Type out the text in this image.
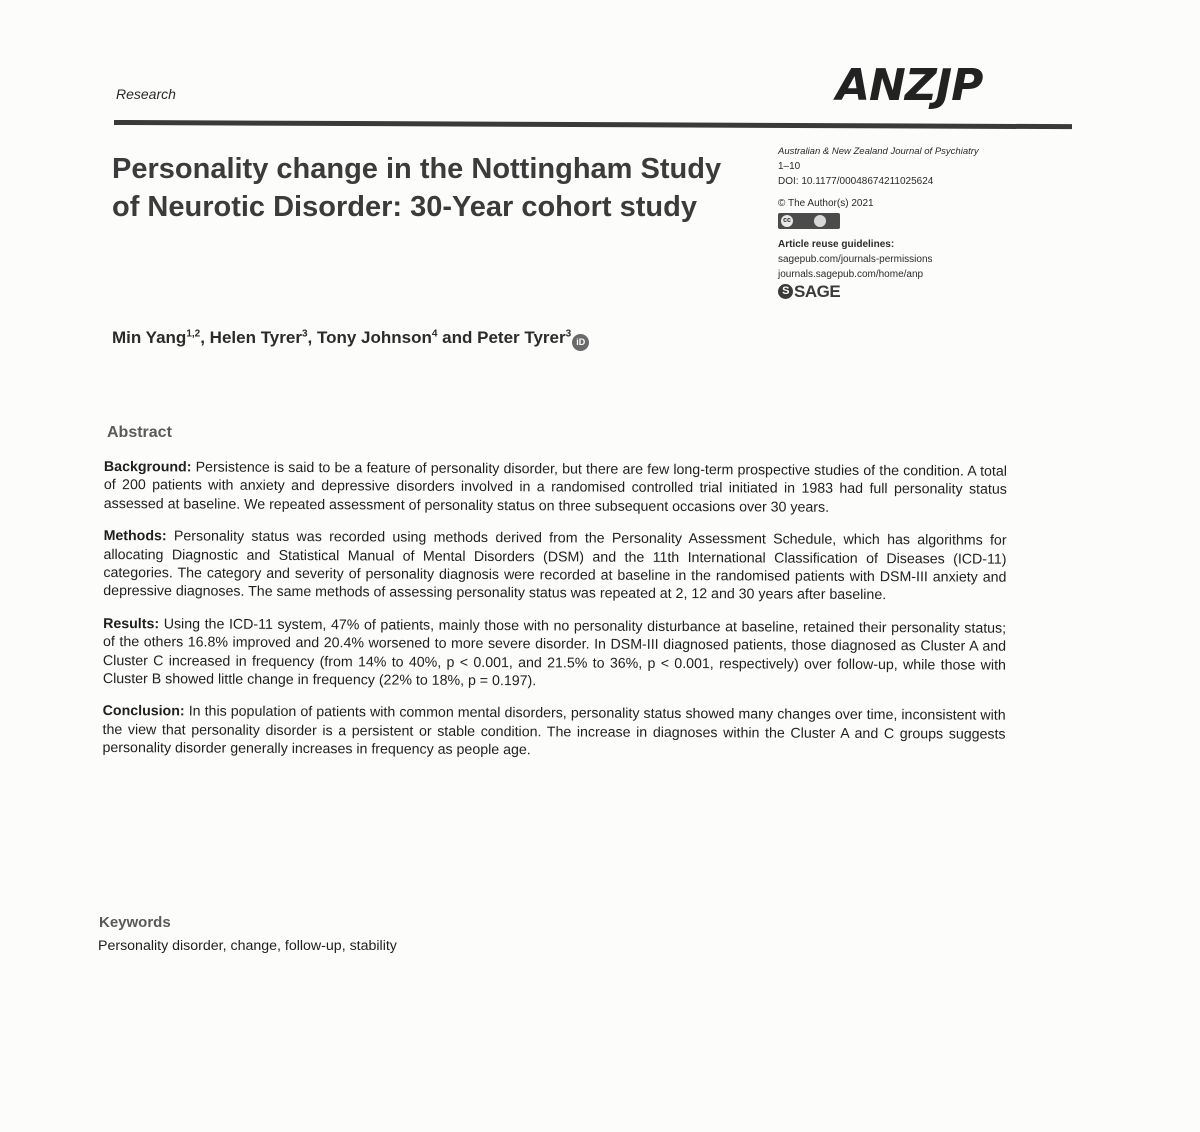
Research	ANZJP
Personality change in the Nottingham Study of Neurotic Disorder: 30-Year cohort study
Australian & New Zealand Journal of Psychiatry
1–10
DOI: 10.1177/00048674211025624
© The Author(s) 2021
cc
Article reuse guidelines:
sagepub.com/journals-permissions
journals.sagepub.com/home/anp
S SAGE
Min Yang$^{1,2}$, Helen Tyrer$^3$, Tony Johnson$^4$ and Peter Tyrer$^3$iD
Abstract

Background: Persistence is said to be a feature of personality disorder, but there are few long-term prospective studies of the condition. A total of 200 patients with anxiety and depressive disorders involved in a randomised controlled trial initiated in 1983 had full personality status assessed at baseline. We repeated assessment of personality status on three subsequent occasions over 30 years.

Methods: Personality status was recorded using methods derived from the Personality Assessment Schedule, which has algorithms for allocating Diagnostic and Statistical Manual of Mental Disorders (DSM) and the 11th International Classification of Diseases (ICD-11) categories. The category and severity of personality diagnosis were recorded at baseline in the randomised patients with DSM-III anxiety and depressive diagnoses. The same methods of assessing personality status was repeated at 2, 12 and 30 years after baseline.

Results: Using the ICD-11 system, 47% of patients, mainly those with no personality disturbance at baseline, retained their personality status; of the others 16.8% improved and 20.4% worsened to more severe disorder. In DSM-III diagnosed patients, those diagnosed as Cluster A and Cluster C increased in frequency (from 14% to 40%, p < 0.001, and 21.5% to 36%, p < 0.001, respectively) over follow-up, while those with Cluster B showed little change in frequency (22% to 18%, p = 0.197).

Conclusion: In this population of patients with common mental disorders, personality status showed many changes over time, inconsistent with the view that personality disorder is a persistent or stable condition. The increase in diagnoses within the Cluster A and C groups suggests personality disorder generally increases in frequency as people age.

Keywords
Personality disorder, change, follow-up, stability
